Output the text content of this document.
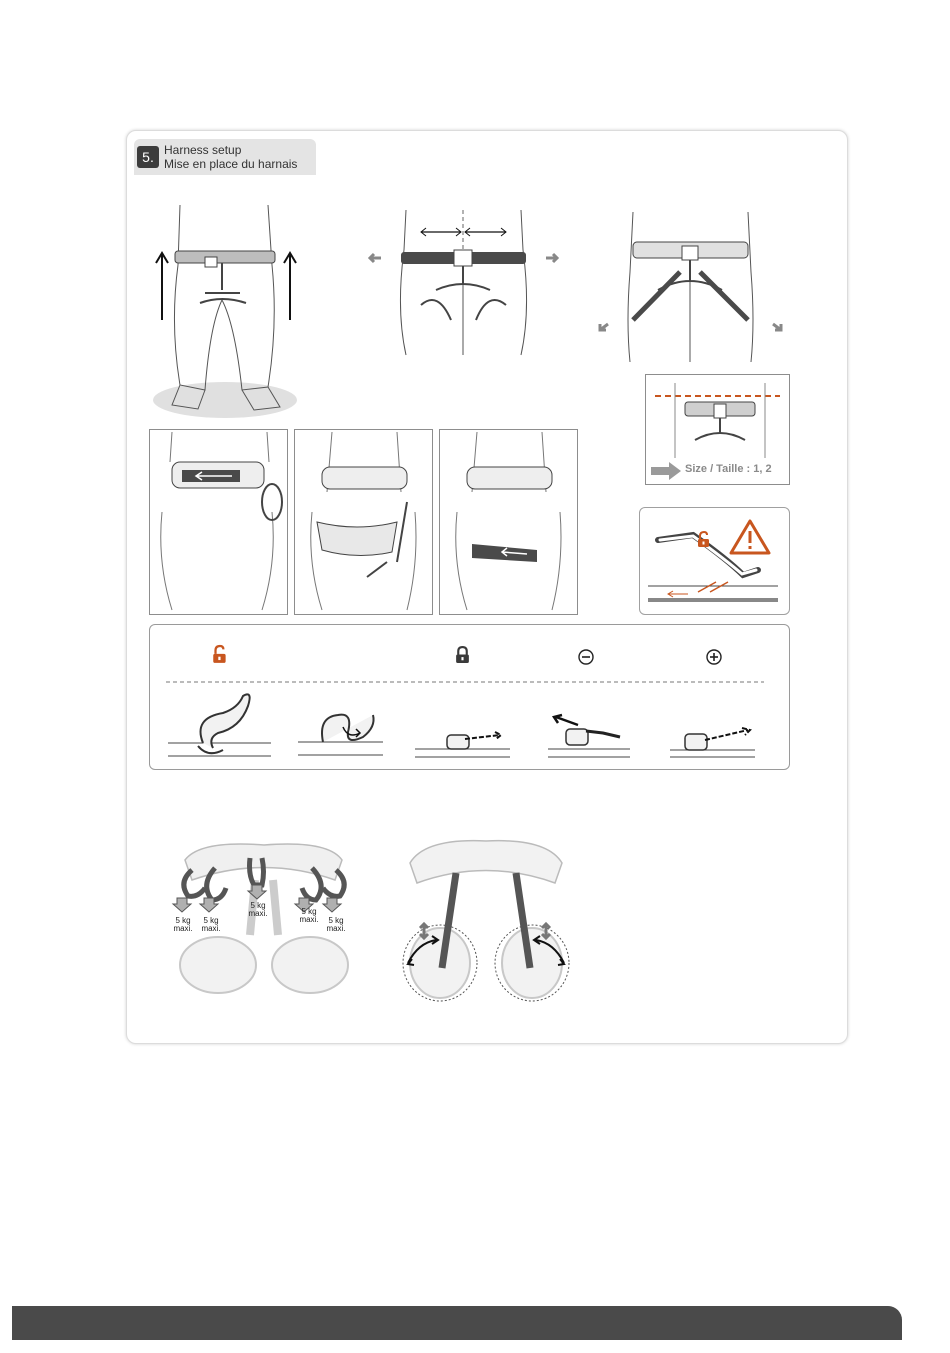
5. Harness setup
Mise en place du harnais
Size / Taille : 1, 2
5 kg
maxi.
5 kg
maxi.
5 kg
maxi.	5 kg
maxi.	5 kg
maxi.
